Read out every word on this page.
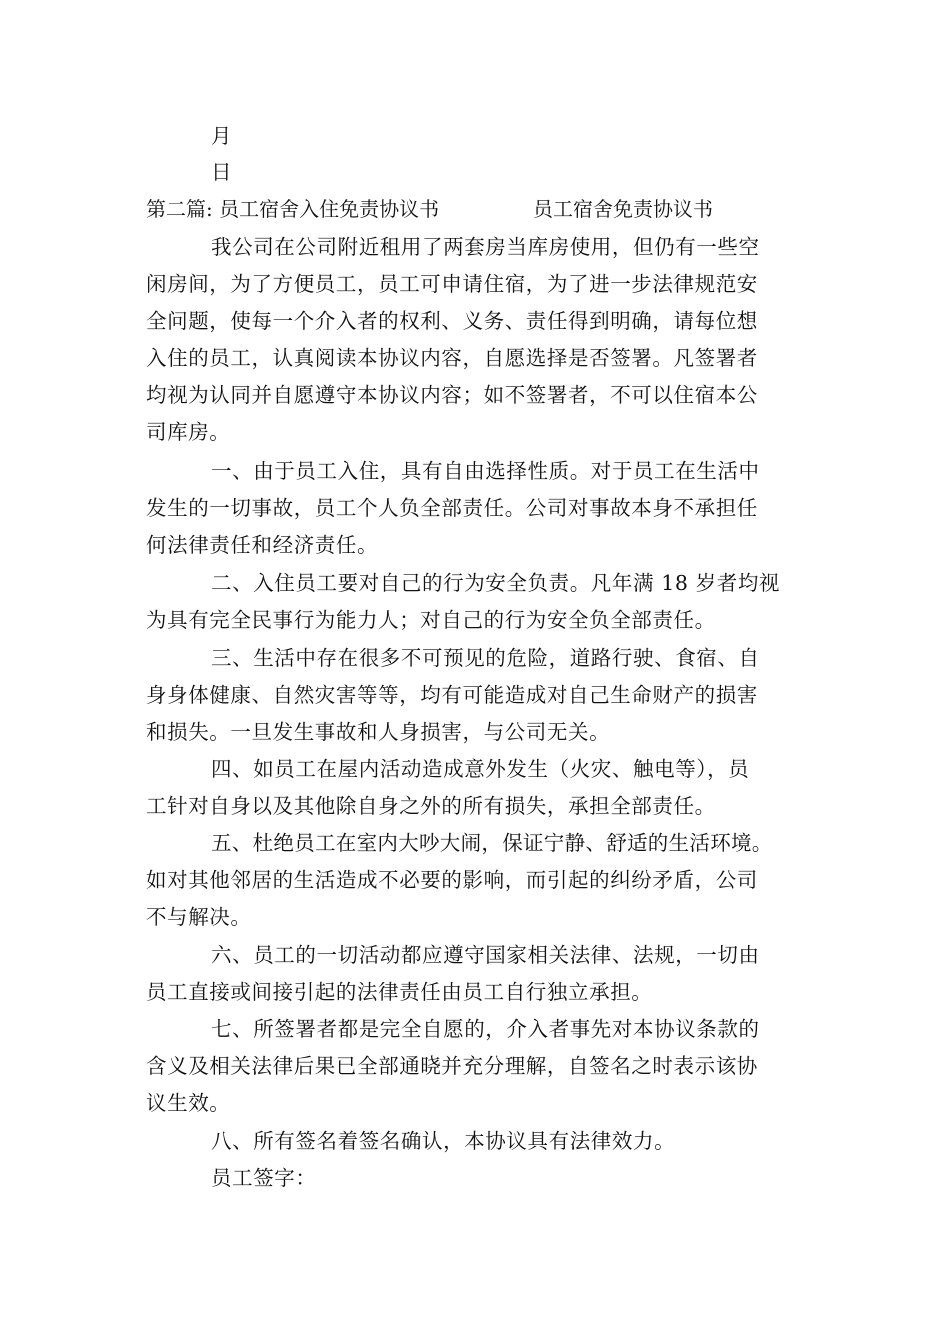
月
日
第二篇: 员工宿舍入住免责协议书	员工宿舍免责协议书
我公司在公司附近租用了两套房当库房使用，但仍有一些空
闲房间，为了方便员工，员工可申请住宿，为了进一步法律规范安
全问题，使每一个介入者的权利、义务、责任得到明确，请每位想
入住的员工，认真阅读本协议内容，自愿选择是否签署。凡签署者
均视为认同并自愿遵守本协议内容；如不签署者，不可以住宿本公
司库房。
一、由于员工入住，具有自由选择性质。对于员工在生活中
发生的一切事故，员工个人负全部责任。公司对事故本身不承担任
何法律责任和经济责任。
二、入住员工要对自己的行为安全负责。凡年满 18 岁者均视
为具有完全民事行为能力人；对自己的行为安全负全部责任。
三、生活中存在很多不可预见的危险，道路行驶、食宿、自
身身体健康、自然灾害等等，均有可能造成对自己生命财产的损害
和损失。一旦发生事故和人身损害，与公司无关。
四、如员工在屋内活动造成意外发生（火灾、触电等），员
工针对自身以及其他除自身之外的所有损失，承担全部责任。
五、杜绝员工在室内大吵大闹，保证宁静、舒适的生活环境。
如对其他邻居的生活造成不必要的影响，而引起的纠纷矛盾，公司
不与解决。
六、员工的一切活动都应遵守国家相关法律、法规，一切由
员工直接或间接引起的法律责任由员工自行独立承担。
七、所签署者都是完全自愿的，介入者事先对本协议条款的
含义及相关法律后果已全部通晓并充分理解，自签名之时表示该协
议生效。
八、所有签名着签名确认，本协议具有法律效力。
员工签字：
